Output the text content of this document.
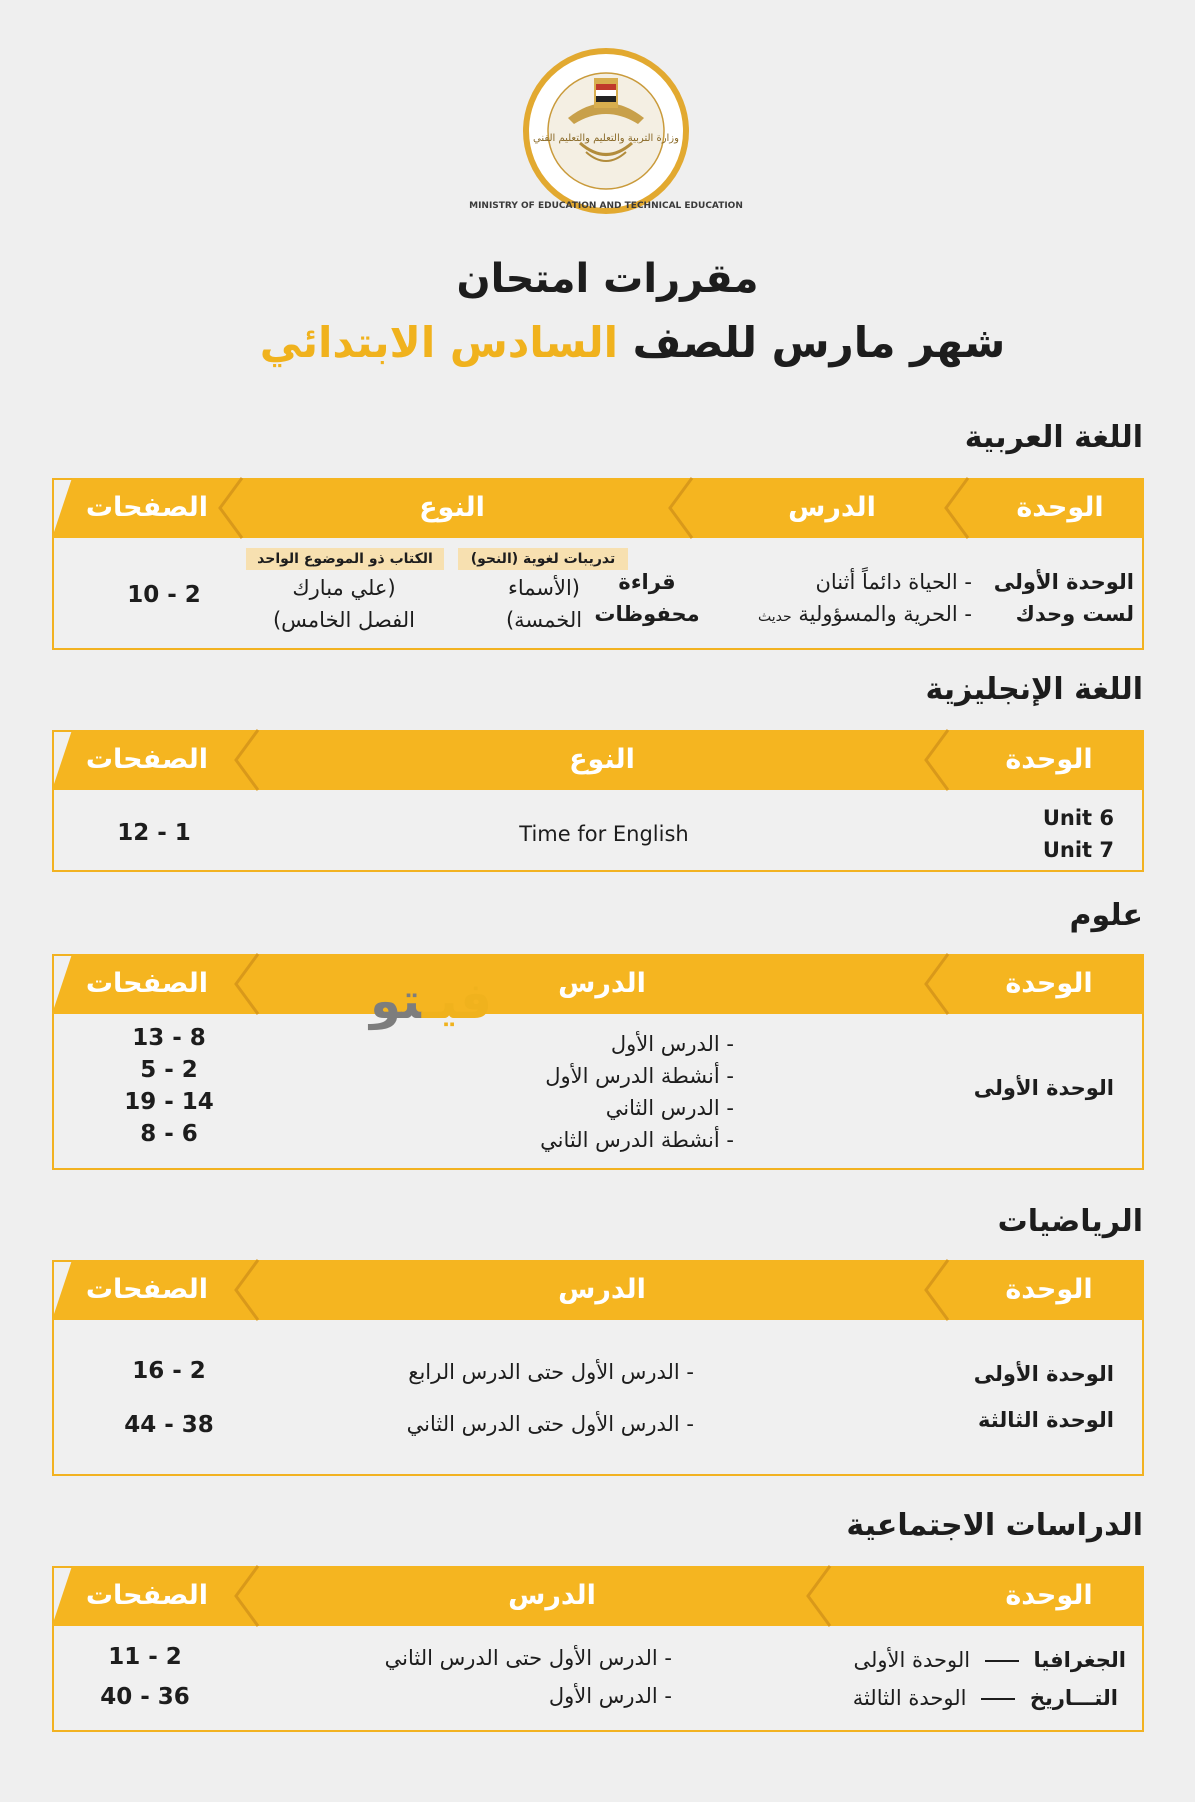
MINISTRY OF EDUCATION AND TECHNICAL EDUCATION
وزارة التربية والتعليم والتعليم الفني
مقررات امتحان
شهر مارس للصف السادس الابتدائي
اللغة العربية
الوحدة
الدرس
النوع
الصفحات
الوحدة الأولى
لست وحدك
- الحياة دائماً أثنان
- الحرية والمسؤولية حديث
قراءة
محفوظات
تدريبات لغوية (النحو)
(الأسماء
الخمسة)
الكتاب ذو الموضوع الواحد
(علي مبارك
الفصل الخامس)
10 - 2
اللغة الإنجليزية
الوحدة
النوع
الصفحات
Unit 6
Unit 7
Time for English
12 - 1
علوم
الوحدة
الدرس
الصفحات
الوحدة الأولى
- الدرس الأول
- أنشطة الدرس الأول
- الدرس الثاني
- أنشطة الدرس الثاني
13 - 8
5 - 2
19 - 14
8 - 6
الرياضيات
الوحدة
الدرس
الصفحات
الوحدة الأولى
- الدرس الأول حتى الدرس الرابع
16 - 2
الوحدة الثالثة
- الدرس الأول حتى الدرس الثاني
44 - 38
الدراسات الاجتماعية
الوحدة
الدرس
الصفحات
الجغرافيا  الوحدة الأولى
- الدرس الأول حتى الدرس الثاني
11 - 2
التـــاريخ  الوحدة الثالثة
- الدرس الأول
40 - 36
فيـتو
